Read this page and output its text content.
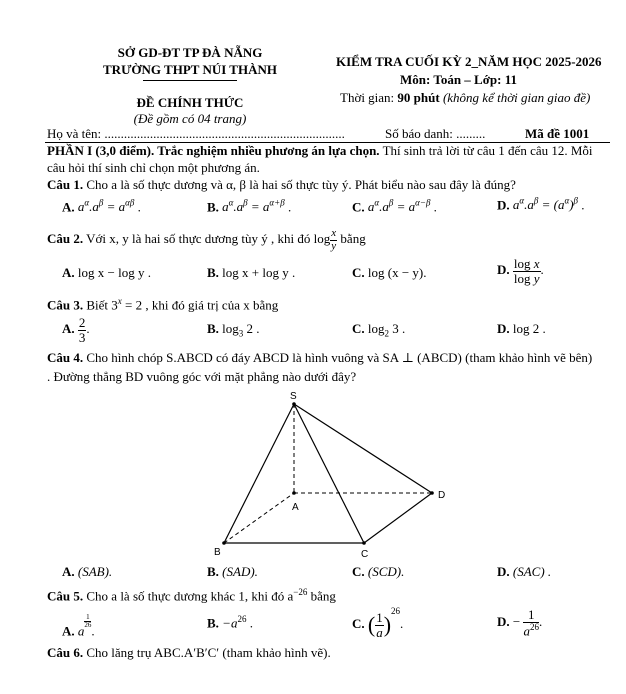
SỞ GD-ĐT TP ĐÀ NẴNG
TRƯỜNG THPT NÚI THÀNH
ĐỀ CHÍNH THỨC
(Đề gồm có 04 trang)
KIỂM TRA CUỐI KỲ 2_NĂM HỌC 2025-2026
Môn: Toán – Lớp: 11
Thời gian: 90 phút (không kể thời gian giao đề)
Họ và tên: ..........................................................................	Số báo danh: .........	Mã đề 1001
PHẦN I (3,0 điểm). Trắc nghiệm nhiều phương án lựa chọn. Thí sinh trả lời từ câu 1 đến câu 12. Mỗi
câu hỏi thí sinh chỉ chọn một phương án.
Câu 1. Cho a là số thực dương và α, β là hai số thực tùy ý. Phát biểu nào sau đây là đúng?
A. $a^\alpha.a^\beta = a^{\alpha\beta}$ .	B. $a^\alpha.a^\beta = a^{\alpha+\beta}$ .	C. $a^\alpha.a^\beta = a^{\alpha-\beta}$ .	D. $a^\alpha.a^\beta = (a^\alpha)^\beta$ .
Câu 2. Với x, y là hai số thực dương tùy ý , khi đó $\log \frac{x}{y}$ bằng
A. log x − log y .	B. log x + log y .	C. log (x − y).	D. $\frac{\text{log x}}{\text{log y}}$ .
Câu 3. Biết $3^x = 2$ , khi đó giá trị của x bằng
A. $\frac{2}{3}$ .	B. $\log_3 2$ .	C. $\log_2 3$ .	D. log 2 .
Câu 4. Cho hình chóp S.ABCD có đáy ABCD là hình vuông và SA ⊥ (ABCD) (tham khảo hình vẽ bên)
. Đường thẳng BD vuông góc với mặt phẳng nào dưới đây?
S
A
B	C
D
A. (SAB).	B. (SAD).	C. (SCD).	D. (SAC) .
Câu 5. Cho a là số thực dương khác 1, khi đó $a^{-26}$ bằng
A. a
$^{\frac{1}{26}}$
.
B. $-a^{26}$ .	C. ( $\frac{1}{a} )^{26}$.	D. − $\frac{1}{a^{26}}$ .
Câu 6. Cho lăng trụ ABC.A′B′C′ (tham khảo hình vẽ).
